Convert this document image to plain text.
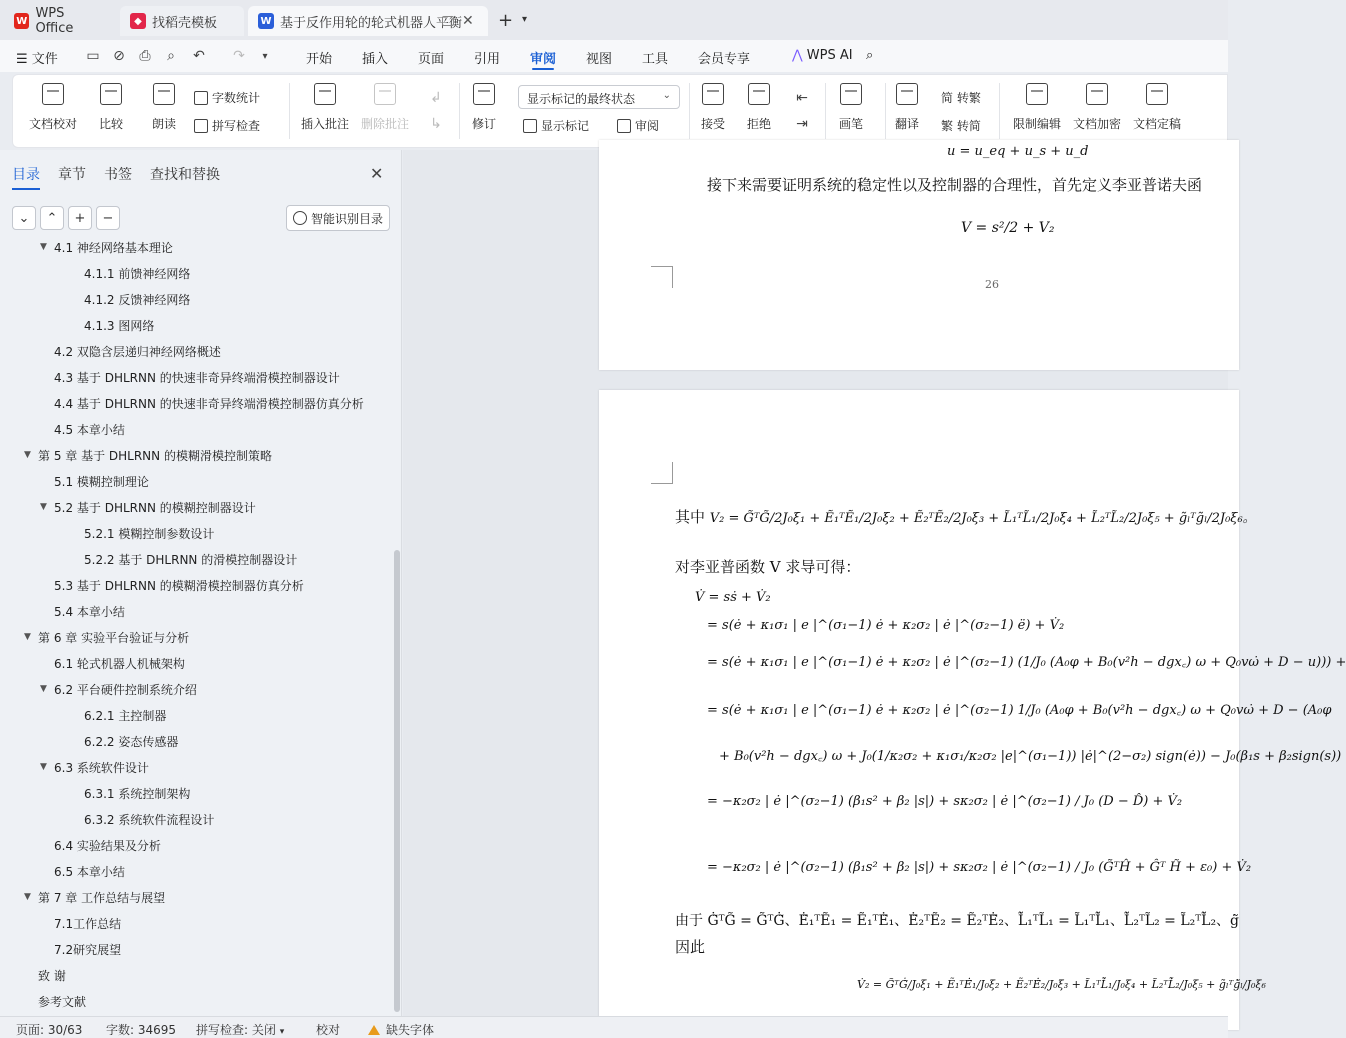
W WPS Office	◆ 找稻壳模板	W 基于反作用轮的轮式机器人平衡 ✕ + ▾
☰ 文件	开始 插入 页面 引用 审阅 视图 工具 会员专享	⋀ WPS AI ⌕
▭ ⊘ ⎙	⌕	↶ ↷	▾
文档校对 比较 朗读
字数统计
拼写检查	插入批注 删除批注
↲
↳	修订
显示标记的最终状态	⌄
显示标记	审阅	接受 拒绝
⇤
⇥	画笔	翻译
简 转繁
繁 转简	限制编辑 文档加密 文档定稿
目录 章节 书签 查找和替换	✕
⌄	⌃	+	−	智能识别目录
▼ 4.1 神经网络基本理论
4.1.1 前馈神经网络
4.1.2 反馈神经网络
4.1.3 图网络
4.2 双隐含层递归神经网络概述
4.3 基于 DHLRNN 的快速非奇异终端滑模控制器设计
4.4 基于 DHLRNN 的快速非奇异终端滑模控制器仿真分析
4.5 本章小结
▼ 第 5 章 基于 DHLRNN 的模糊滑模控制策略
5.1 模糊控制理论
▼ 5.2 基于 DHLRNN 的模糊控制器设计
5.2.1 模糊控制参数设计
5.2.2 基于 DHLRNN 的滑模控制器设计
5.3 基于 DHLRNN 的模糊滑模控制器仿真分析
5.4 本章小结
▼ 第 6 章 实验平台验证与分析
6.1 轮式机器人机械架构
▼ 6.2 平台硬件控制系统介绍
6.2.1 主控制器
6.2.2 姿态传感器
▼ 6.3 系统软件设计
6.3.1 系统控制架构
6.3.2 系统软件流程设计
6.4 实验结果及分析
6.5 本章小结
▼ 第 7 章 工作总结与展望
7.1工作总结
7.2研究展望
致 谢
参考文献
u = u_eq + u_s + u_d
接下来需要证明系统的稳定性以及控制器的合理性，首先定义李亚普诺夫函
V = s²/2 + V₂
26
其中 V₂ = G̃ᵀG̃/2J₀ξ₁ + Ẽ₁ᵀẼ₁/2J₀ξ₂ + Ẽ₂ᵀẼ₂/2J₀ξ₃ + L̃₁ᵀL̃₁/2J₀ξ₄ + L̃₂ᵀL̃₂/2J₀ξ₅ + g̃ₗᵀg̃ₗ/2J₀ξ₆。
对李亚普函数 V 求导可得：
V̇ = sṡ + V̇₂
= s(ė + κ₁σ₁ | e |^(σ₁−1) ė + κ₂σ₂ | ė |^(σ₂−1) ë) + V̇₂
= s(ė + κ₁σ₁ | e |^(σ₁−1) ė + κ₂σ₂ | ė |^(σ₂−1) (1/J₀ (A₀φ + B₀(v²h − dgx꜀) ω + Q₀vω̇ + D − u))) +
= s(ė + κ₁σ₁ | e |^(σ₁−1) ė + κ₂σ₂ | ė |^(σ₂−1) 1/J₀ (A₀φ + B₀(v²h − dgx꜀) ω + Q₀vω̇ + D − (A₀φ
+ B₀(v²h − dgx꜀) ω + J₀(1/κ₂σ₂ + κ₁σ₁/κ₂σ₂ |e|^(σ₁−1)) |ė|^(2−σ₂) sign(ė)) − J₀(β₁s + β₂sign(s))
= −κ₂σ₂ | ė |^(σ₂−1) (β₁s² + β₂ |s|) + sκ₂σ₂ | ė |^(σ₂−1) / J₀ (D − D̂) + V̇₂
= −κ₂σ₂ | ė |^(σ₂−1) (β₁s² + β₂ |s|) + sκ₂σ₂ | ė |^(σ₂−1) / J₀ (G̃ᵀĤ + Ĝᵀ H̃ + ε₀) + V̇₂
由于 Ġ̃ᵀG̃ = G̃ᵀĠ̃、Ė̃₁ᵀẼ₁ = Ẽ₁ᵀĖ̃₁、Ė̃₂ᵀẼ₂ = Ẽ₂ᵀĖ̃₂、L̇̃₁ᵀL̃₁ = L̃₁ᵀL̇̃₁、L̇̃₂ᵀL̃₂ = L̃₂ᵀL̇̃₂、ġ̃
因此
V̇₂ = G̃ᵀĠ̃/J₀ξ₁ + Ẽ₁ᵀĖ̃₁/J₀ξ₂ + Ẽ₂ᵀĖ̃₂/J₀ξ₃ + L̃₁ᵀL̇̃₁/J₀ξ₄ + L̃₂ᵀL̇̃₂/J₀ξ₅ + g̃ₗᵀġ̃ₗ/J₀ξ₆
页面: 30/63 字数: 34695 拼写检查: 关闭 ▾	校对	缺失字体
